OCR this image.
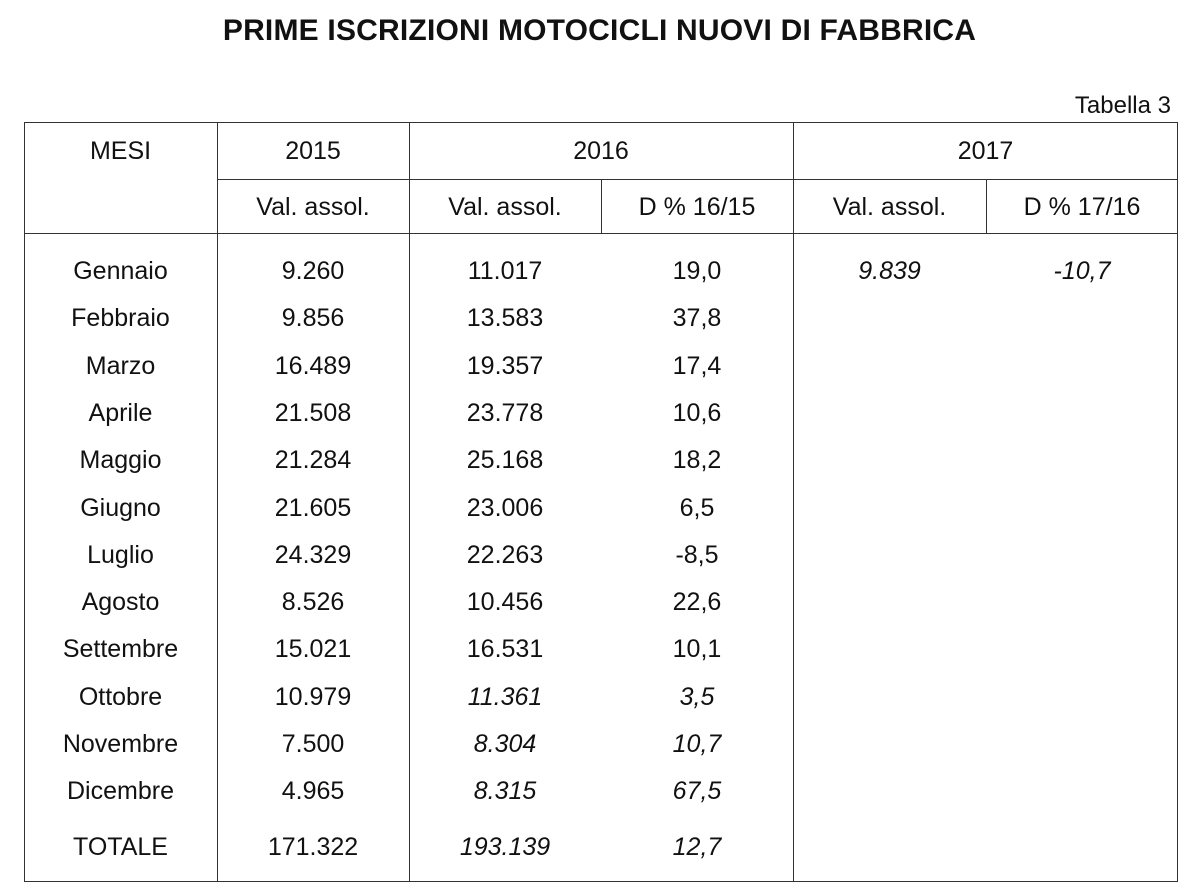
PRIME ISCRIZIONI MOTOCICLI NUOVI DI FABBRICA
Tabella 3
MESI	2015	2016	2017
Val. assol.	Val. assol.	D % 16/15	Val. assol.	D % 17/16
Gennaio	9.260	11.017	19,0	9.839	-10,7
Febbraio	9.856	13.583	37,8
Marzo	16.489	19.357	17,4
Aprile	21.508	23.778	10,6
Maggio	21.284	25.168	18,2
Giugno	21.605	23.006	6,5
Luglio	24.329	22.263	-8,5
Agosto	8.526	10.456	22,6
Settembre	15.021	16.531	10,1
Ottobre	10.979	11.361	3,5
Novembre	7.500	8.304	10,7
Dicembre	4.965	8.315	67,5
TOTALE	171.322	193.139	12,7
